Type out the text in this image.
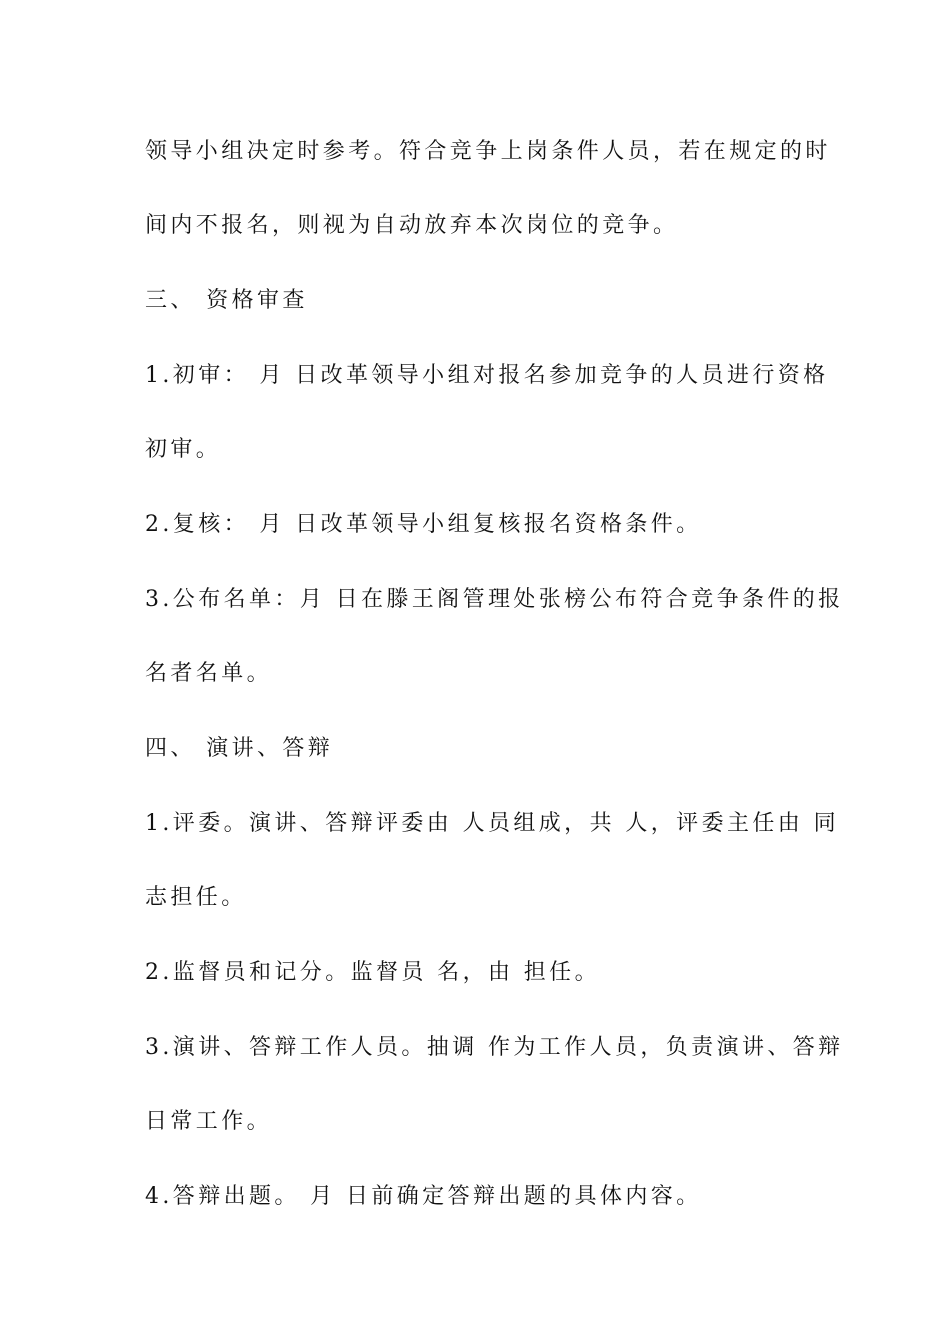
领导小组决定时参考。符合竞争上岗条件人员，若在规定的时
间内不报名，则视为自动放弃本次岗位的竞争。
三、 资格审查
1.初审： 月 日改革领导小组对报名参加竞争的人员进行资格
初审。
2.复核： 月 日改革领导小组复核报名资格条件。
3.公布名单：月 日在滕王阁管理处张榜公布符合竞争条件的报
名者名单。
四、 演讲、答辩
1.评委。演讲、答辩评委由 人员组成，共 人，评委主任由 同
志担任。
2.监督员和记分。监督员 名，由 担任。
3.演讲、答辩工作人员。抽调 作为工作人员，负责演讲、答辩
日常工作。
4.答辩出题。 月 日前确定答辩出题的具体内容。
